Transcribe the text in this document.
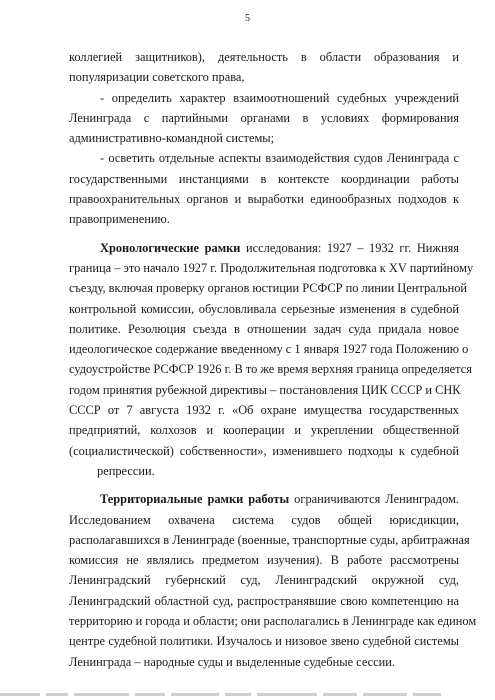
5
коллегией защитников), деятельность в области образования и
популяризации советского права,
- определить характер взаимоотношений судебных учреждений
Ленинграда с партийными органами в условиях формирования
административно-командной системы;
- осветить отдельные аспекты взаимодействия судов Ленинграда с
государственными инстанциями в контексте координации работы
правоохранительных органов и выработки единообразных подходов к
правоприменению.
Хронологические рамки исследования: 1927 – 1932 гг. Нижняя
граница – это начало 1927 г. Продолжительная подготовка к XV партийному
съезду, включая проверку органов юстиции РСФСР по линии Центральной
контрольной комиссии, обусловливала серьезные изменения в судебной
политике. Резолюция съезда в отношении задач суда придала новое
идеологическое содержание введенному с 1 января 1927 года Положению о
судоустройстве РСФСР 1926 г. В то же время верхняя граница определяется
годом принятия рубежной директивы – постановления ЦИК СССР и СНК
СССР от 7 августа 1932 г. «Об охране имущества государственных
предприятий, колхозов и кооперации и укреплении общественной
(социалистической) собственности», изменившего подходы к судебной
репрессии.
Территориальные рамки работы ограничиваются Ленинградом.
Исследованием охвачена система судов общей юрисдикции,
располагавшихся в Ленинграде (военные, транспортные суды, арбитражная
комиссия не являлись предметом изучения). В работе рассмотрены
Ленинградский губернский суд, Ленинградский окружной суд,
Ленинградский областной суд, распространявшие свою компетенцию на
территорию и города и области; они располагались в Ленинграде как едином
центре судебной политики. Изучалось и низовое звено судебной системы
Ленинграда – народные суды и выделенные судебные сессии.
